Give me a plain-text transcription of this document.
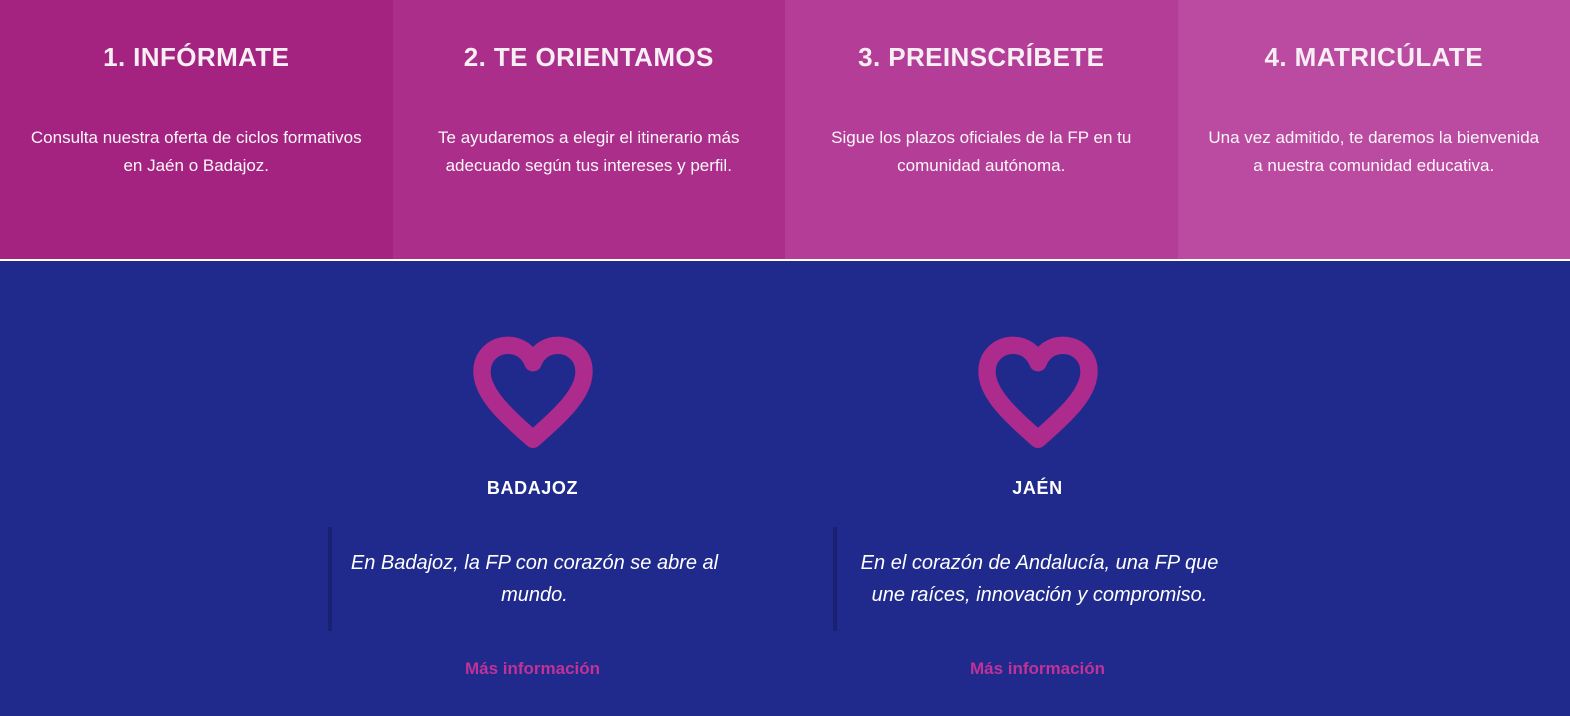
1. INFÓRMATE

Consulta nuestra oferta de ciclos formativos en Jaén o Badajoz.

2. TE ORIENTAMOS

Te ayudaremos a elegir el itinerario más adecuado según tus intereses y perfil.

3. PREINSCRÍBETE

Sigue los plazos oficiales de la FP en tu comunidad autónoma.

4. MATRICÚLATE

Una vez admitido, te daremos la bienvenida a nuestra comunidad educativa.

BADAJOZ
En Badajoz, la FP con corazón se abre al mundo.
Más información
JAÉN
En el corazón de Andalucía, una FP que une raíces, innovación y compromiso.
Más información
